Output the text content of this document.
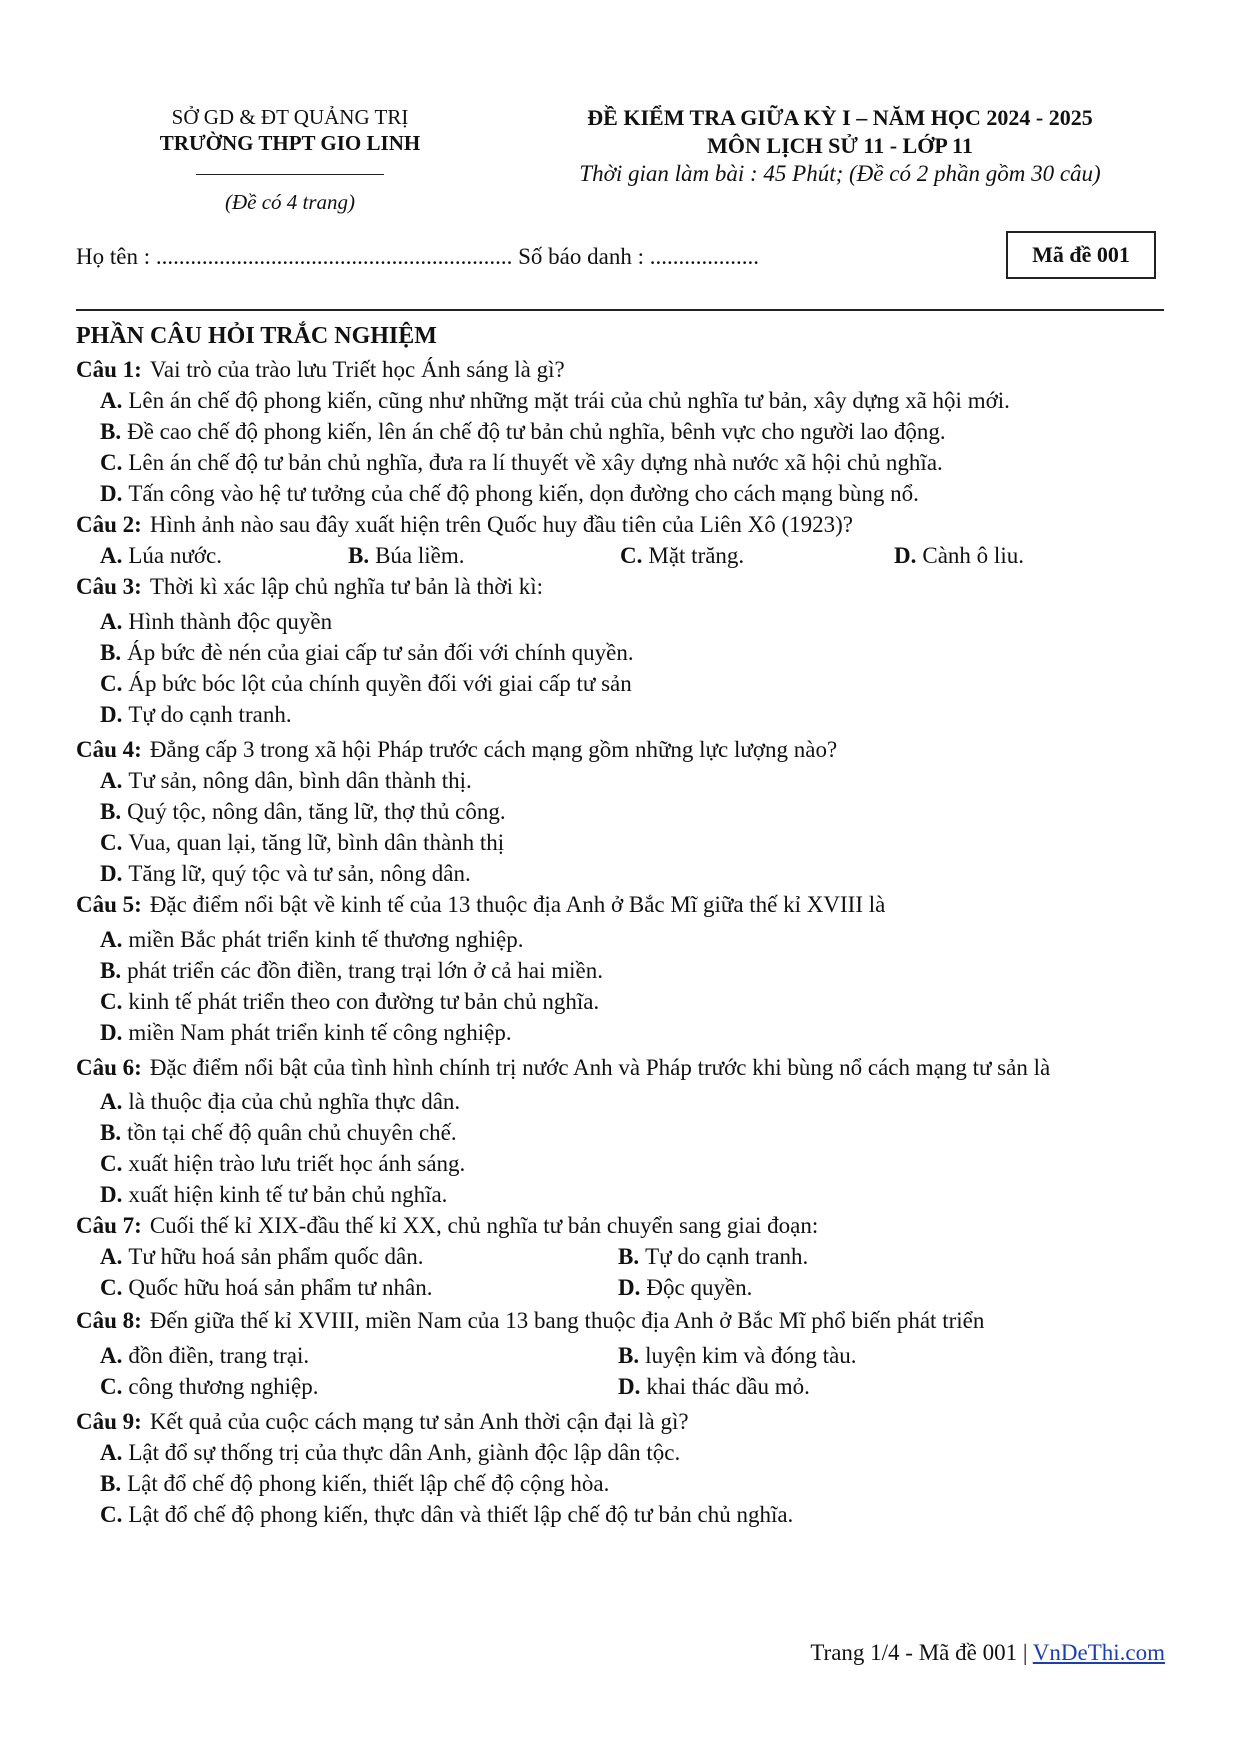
SỞ GD & ĐT QUẢNG TRỊ
TRƯỜNG THPT GIO LINH
(Đề có 4 trang)
ĐỀ KIỂM TRA GIỮA KỲ I – NĂM HỌC 2024 - 2025
MÔN LỊCH SỬ 11 - LỚP 11
Thời gian làm bài : 45 Phút; (Đề có 2 phần gồm 30 câu)
Họ tên : .............................................................. Số báo danh : ...................	Mã đề 001
PHẦN CÂU HỎI TRẮC NGHIỆM
Câu 1: Vai trò của trào lưu Triết học Ánh sáng là gì?
A. Lên án chế độ phong kiến, cũng như những mặt trái của chủ nghĩa tư bản, xây dựng xã hội mới.
B. Đề cao chế độ phong kiến, lên án chế độ tư bản chủ nghĩa, bênh vực cho người lao động.
C. Lên án chế độ tư bản chủ nghĩa, đưa ra lí thuyết về xây dựng nhà nước xã hội chủ nghĩa.
D. Tấn công vào hệ tư tưởng của chế độ phong kiến, dọn đường cho cách mạng bùng nổ.
Câu 2: Hình ảnh nào sau đây xuất hiện trên Quốc huy đầu tiên của Liên Xô (1923)?
A. Lúa nước.	B. Búa liềm.	C. Mặt trăng.	D. Cành ô liu.
Câu 3: Thời kì xác lập chủ nghĩa tư bản là thời kì:
A. Hình thành độc quyền
B. Áp bức đè nén của giai cấp tư sản đối với chính quyền.
C. Áp bức bóc lột của chính quyền đối với giai cấp tư sản
D. Tự do cạnh tranh.
Câu 4: Đẳng cấp 3 trong xã hội Pháp trước cách mạng gồm những lực lượng nào?
A. Tư sản, nông dân, bình dân thành thị.
B. Quý tộc, nông dân, tăng lữ, thợ thủ công.
C. Vua, quan lại, tăng lữ, bình dân thành thị
D. Tăng lữ, quý tộc và tư sản, nông dân.
Câu 5: Đặc điểm nổi bật về kinh tế của 13 thuộc địa Anh ở Bắc Mĩ giữa thế kỉ XVIII là
A. miền Bắc phát triển kinh tế thương nghiệp.
B. phát triển các đồn điền, trang trại lớn ở cả hai miền.
C. kinh tế phát triển theo con đường tư bản chủ nghĩa.
D. miền Nam phát triển kinh tế công nghiệp.
Câu 6: Đặc điểm nổi bật của tình hình chính trị nước Anh và Pháp trước khi bùng nổ cách mạng tư sản là
A. là thuộc địa của chủ nghĩa thực dân.
B. tồn tại chế độ quân chủ chuyên chế.
C. xuất hiện trào lưu triết học ánh sáng.
D. xuất hiện kinh tế tư bản chủ nghĩa.
Câu 7: Cuối thế kỉ XIX-đầu thế kỉ XX, chủ nghĩa tư bản chuyển sang giai đoạn:
A. Tư hữu hoá sản phẩm quốc dân.	B. Tự do cạnh tranh.
C. Quốc hữu hoá sản phẩm tư nhân.	D. Độc quyền.
Câu 8: Đến giữa thế kỉ XVIII, miền Nam của 13 bang thuộc địa Anh ở Bắc Mĩ phổ biến phát triển
A. đồn điền, trang trại.	B. luyện kim và đóng tàu.
C. công thương nghiệp.	D. khai thác dầu mỏ.
Câu 9: Kết quả của cuộc cách mạng tư sản Anh thời cận đại là gì?
A. Lật đổ sự thống trị của thực dân Anh, giành độc lập dân tộc.
B. Lật đổ chế độ phong kiến, thiết lập chế độ cộng hòa.
C. Lật đổ chế độ phong kiến, thực dân và thiết lập chế độ tư bản chủ nghĩa.
Trang 1/4 - Mã đề 001 | VnDeThi.com
